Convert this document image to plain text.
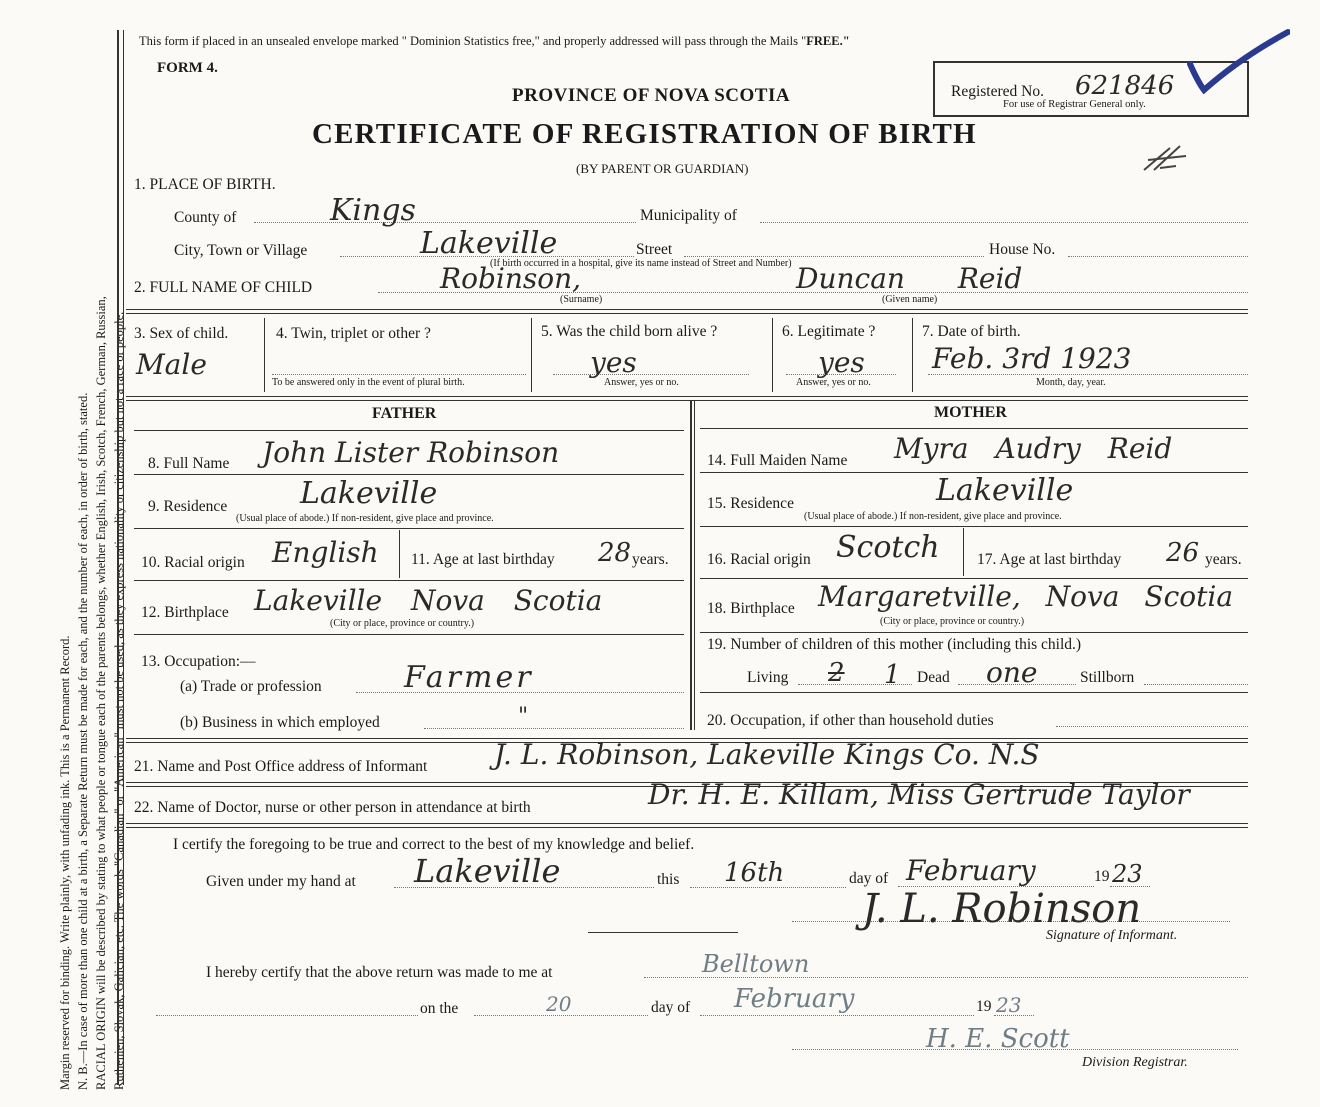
Margin reserved for binding. Write plainly, with unfading ink. This is a Permanent Record. N. B.—In case of more than one child at a birth, a Separate Return must be made for each, and the number of each, in order of birth, stated. RACIAL ORIGIN will be described by stating to what people or tongue each of the parents belongs, whether English, Irish, Scotch, French, German, Russian, Ruthenien, Slovak, Galician, etc. The words "Canadian" or "American" must not be used, as they express nationality or citizenship but not a race or people.
This form if placed in an unsealed envelope marked " Dominion Statistics free," and properly addressed will pass through the Mails "FREE."
FORM 4.
PROVINCE OF NOVA SCOTIA
CERTIFICATE OF REGISTRATION OF BIRTH
(BY PARENT OR GUARDIAN)
Registered No. 621846
For use of Registrar General only.
1. PLACE OF BIRTH.
County of	Kings	Municipality of
City, Town or Village	Lakeville	Street	House No.
(If birth occurred in a hospital, give its name instead of Street and Number)
2. FULL NAME OF CHILD	Robinson,	Duncan Reid
(Surname)	(Given name)
3. Sex of child.
Male
4. Twin, triplet or other ?
To be answered only in the event of plural birth.
5. Was the child born alive ?
yes
Answer, yes or no.
6. Legitimate ?
yes
Answer, yes or no.
7. Date of birth.
Feb. 3rd 1923
Month, day, year.
FATHER
8. Full Name John Lister Robinson
9. Residence Lakeville
(Usual place of abode.) If non-resident, give place and province.
10. Racial origin English 11. Age at last birthday 28 years.
12. Birthplace Lakeville Nova Scotia
(City or place, province or country.)
13. Occupation:—
(a) Trade or profession	Farmer
(b) Business in which employed	"
MOTHER
14. Full Maiden Name Myra Audry Reid
15. Residence	Lakeville
(Usual place of abode.) If non-resident, give place and province.
16. Racial origin Scotch 17. Age at last birthday 26 years.
18. Birthplace Margaretville, Nova Scotia
(City or place, province or country.)
19. Number of children of this mother (including this child.)
Living 2 1 Dead one	Stillborn
20. Occupation, if other than household duties
21. Name and Post Office address of Informant J. L. Robinson, Lakeville Kings Co. N.S
22. Name of Doctor, nurse or other person in attendance at birth	Dr. H. E. Killam, Miss Gertrude Taylor
I certify the foregoing to be true and correct to the best of my knowledge and belief.
Given under my hand at Lakeville	this 16th	day of February	19 23
J. L. Robinson
Signature of Informant.
I hereby certify that the above return was made to me at	Belltown
on the	20	day of February	19 23
H. E. Scott
Division Registrar.
